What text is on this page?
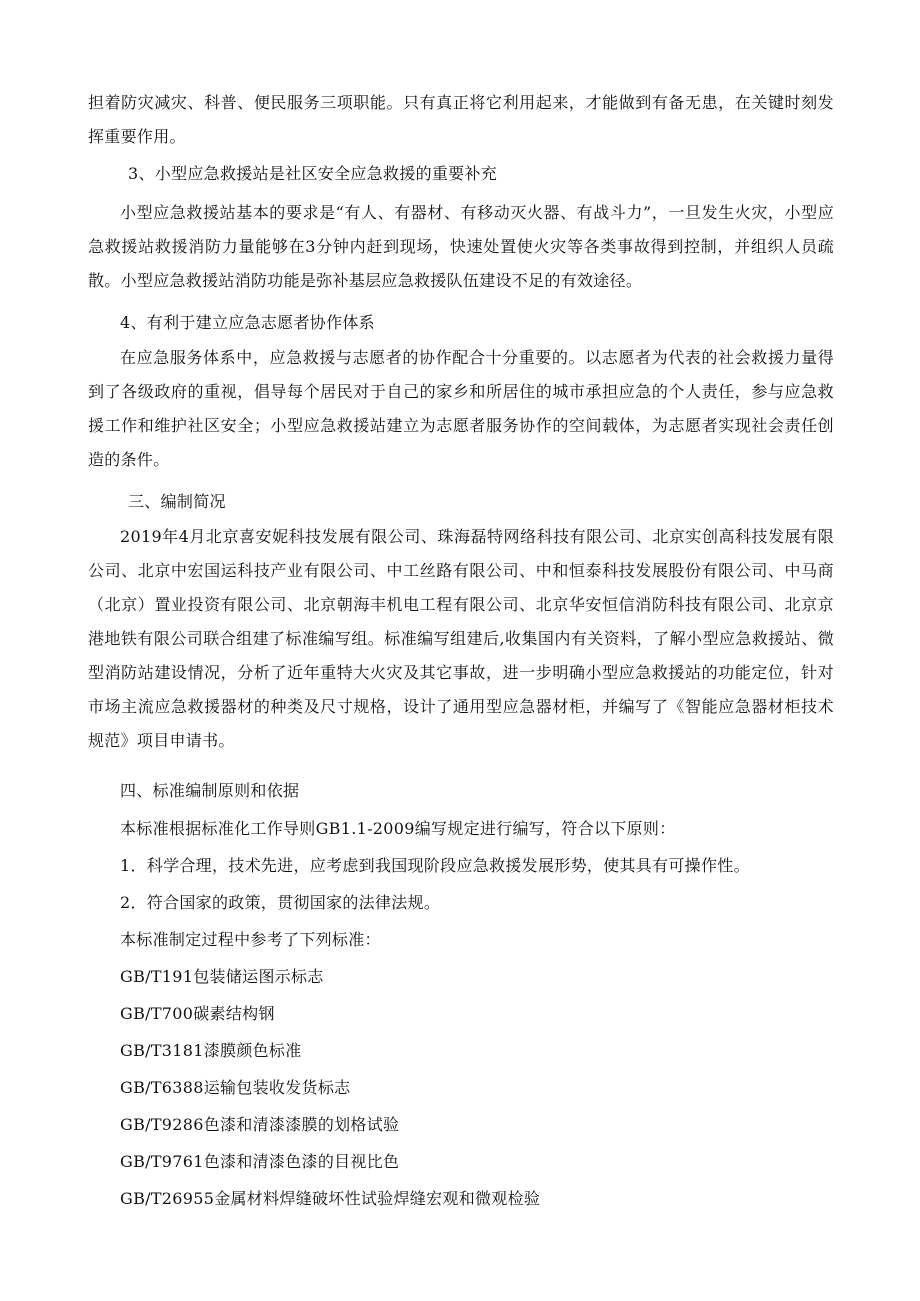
担着防灾减灾、科普、便民服务三项职能。只有真正将它利用起来，才能做到有备无患，在关键时刻发挥重要作用。

3、小型应急救援站是社区安全应急救援的重要补充

小型应急救援站基本的要求是“有人、有器材、有移动灭火器、有战斗力”，一旦发生火灾，小型应急救援站救援消防力量能够在3分钟内赶到现场，快速处置使火灾等各类事故得到控制，并组织人员疏散。小型应急救援站消防功能是弥补基层应急救援队伍建设不足的有效途径。

4、有利于建立应急志愿者协作体系

在应急服务体系中，应急救援与志愿者的协作配合十分重要的。以志愿者为代表的社会救援力量得到了各级政府的重视，倡导每个居民对于自己的家乡和所居住的城市承担应急的个人责任，参与应急救援工作和维护社区安全；小型应急救援站建立为志愿者服务协作的空间载体，为志愿者实现社会责任创造的条件。

三、编制简况

2019年4月北京喜安妮科技发展有限公司、珠海磊特网络科技有限公司、北京实创高科技发展有限公司、北京中宏国运科技产业有限公司、中工丝路有限公司、中和恒泰科技发展股份有限公司、中马商（北京）置业投资有限公司、北京朝海丰机电工程有限公司、北京华安恒信消防科技有限公司、北京京港地铁有限公司联合组建了标准编写组。标准编写组建后,收集国内有关资料，了解小型应急救援站、微型消防站建设情况，分析了近年重特大火灾及其它事故，进一步明确小型应急救援站的功能定位，针对市场主流应急救援器材的种类及尺寸规格，设计了通用型应急器材柜，并编写了《智能应急器材柜技术规范》项目申请书。

四、标准编制原则和依据

本标准根据标准化工作导则GB1.1-2009编写规定进行编写，符合以下原则：

1．科学合理，技术先进，应考虑到我国现阶段应急救援发展形势，使其具有可操作性。

2．符合国家的政策，贯彻国家的法律法规。

本标准制定过程中参考了下列标准：

GB/T191包装储运图示标志

GB/T700碳素结构钢

GB/T3181漆膜颜色标准

GB/T6388运输包装收发货标志

GB/T9286色漆和清漆漆膜的划格试验

GB/T9761色漆和清漆色漆的目视比色

GB/T26955金属材料焊缝破坏性试验焊缝宏观和微观检验
